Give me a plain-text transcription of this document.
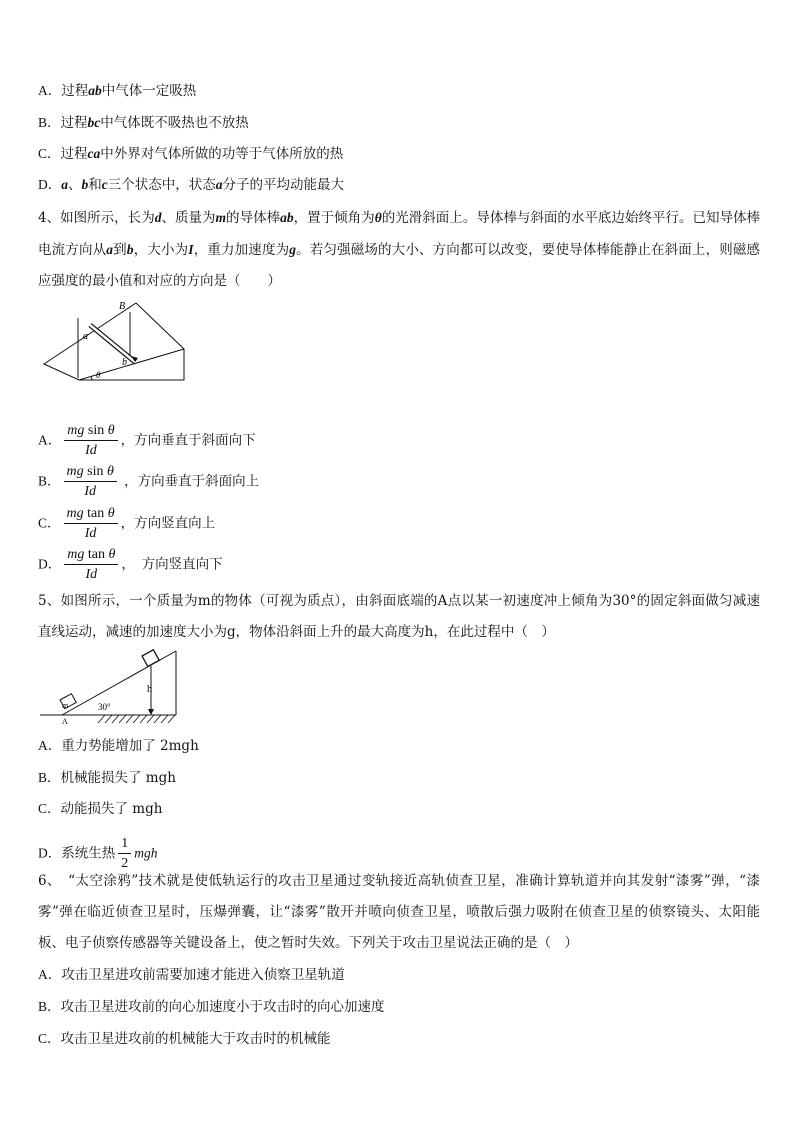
A．过程ab中气体一定吸热
B．过程bc中气体既不吸热也不放热
C．过程ca中外界对气体所做的功等于气体所放的热
D．a、b和c三个状态中，状态a分子的平均动能最大
4、如图所示，长为d、质量为m的导体棒ab，置于倾角为θ的光滑斜面上。导体棒与斜面的水平底边始终平行。已知导体棒电流方向从a到b，大小为I，重力加速度为g。若匀强磁场的大小、方向都可以改变，要使导体棒能静止在斜面上，则磁感应强度的最小值和对应的方向是（　　）
B
a
b
θ
A． $\frac{\text{mg sin θ}}{Id}$ ，方向垂直于斜面向下
B． $\frac{\text{mg sin θ}}{Id}$ ，方向垂直于斜面向上
C． $\frac{\text{mg tan θ}}{Id}$ ，方向竖直向上
D． $\frac{\text{mg tan θ}}{Id}$ ，　方向竖直向下
5、如图所示，一个质量为m的物体（可视为质点），由斜面底端的A点以某一初速度冲上倾角为30°的固定斜面做匀减速直线运动，减速的加速度大小为g，物体沿斜面上升的最大高度为h，在此过程中（　）
m
A
h
30°
A．重力势能增加了 2mgh
B．机械能损失了 mgh
C．动能损失了 mgh
D．系统生热 $\frac{1}{2}$ mgh
6、　“太空涂鸦”技术就是使低轨运行的攻击卫星通过变轨接近高轨侦查卫星，准确计算轨道并向其发射“漆雾”弹，“漆雾”弹在临近侦查卫星时，压爆弹囊，让“漆雾”散开并喷向侦查卫星，喷散后强力吸附在侦查卫星的侦察镜头、太阳能板、电子侦察传感器等关键设备上，使之暂时失效。下列关于攻击卫星说法正确的是（　）
A．攻击卫星进攻前需要加速才能进入侦察卫星轨道
B．攻击卫星进攻前的向心加速度小于攻击时的向心加速度
C．攻击卫星进攻前的机械能大于攻击时的机械能
